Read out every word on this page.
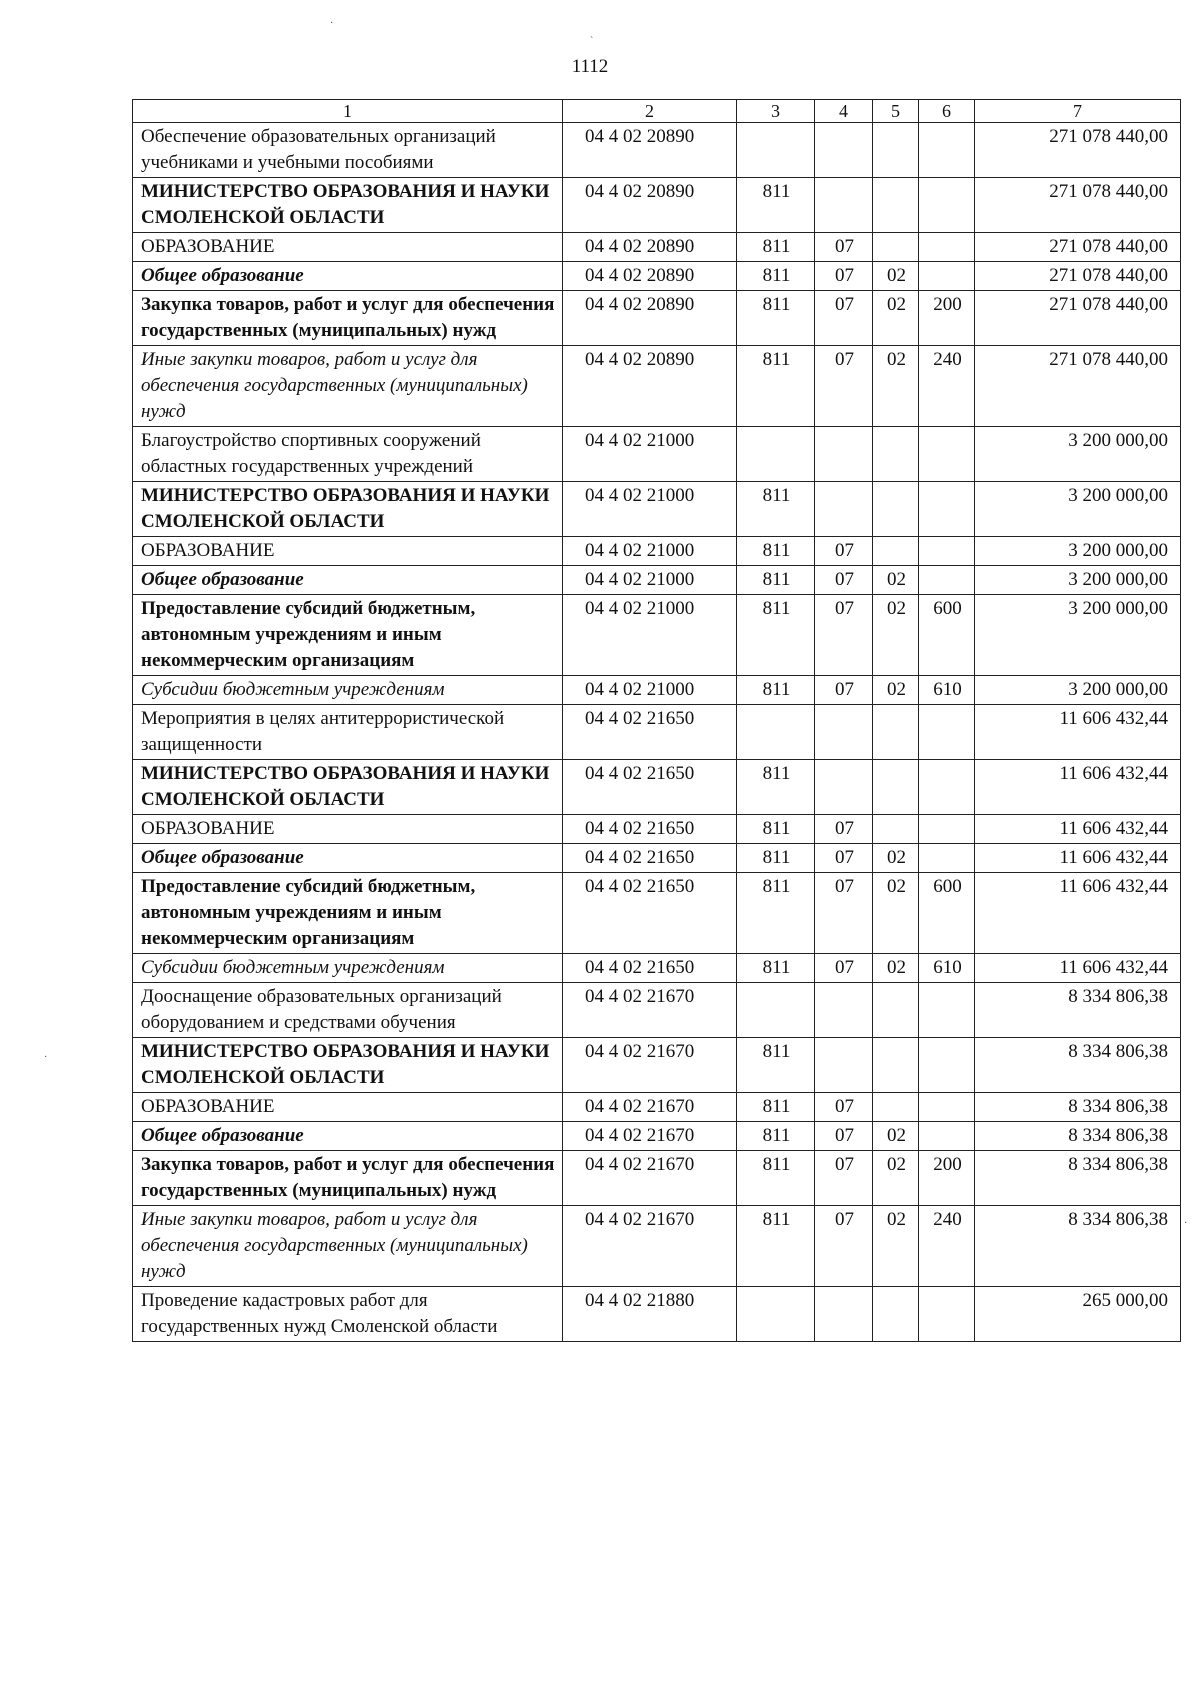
1112
·
`
·
·
1	2	3	4	5	6	7
Обеспечение образовательных организаций учебниками и учебными пособиями	04 4 02 20890					271 078 440,00
МИНИСТЕРСТВО ОБРАЗОВАНИЯ И НАУКИ СМОЛЕНСКОЙ ОБЛАСТИ	04 4 02 20890	811				271 078 440,00
ОБРАЗОВАНИЕ	04 4 02 20890	811	07			271 078 440,00
Общее образование	04 4 02 20890	811	07	02		271 078 440,00
Закупка товаров, работ и услуг для обеспечения государственных (муниципальных) нужд	04 4 02 20890	811	07	02	200	271 078 440,00
Иные закупки товаров, работ и услуг для обеспечения государственных (муниципальных) нужд	04 4 02 20890	811	07	02	240	271 078 440,00
Благоустройство спортивных сооружений областных государственных учреждений	04 4 02 21000					3 200 000,00
МИНИСТЕРСТВО ОБРАЗОВАНИЯ И НАУКИ СМОЛЕНСКОЙ ОБЛАСТИ	04 4 02 21000	811				3 200 000,00
ОБРАЗОВАНИЕ	04 4 02 21000	811	07			3 200 000,00
Общее образование	04 4 02 21000	811	07	02		3 200 000,00
Предоставление субсидий бюджетным, автономным учреждениям и иным некоммерческим организациям	04 4 02 21000	811	07	02	600	3 200 000,00
Субсидии бюджетным учреждениям	04 4 02 21000	811	07	02	610	3 200 000,00
Мероприятия в целях антитеррористической защищенности	04 4 02 21650					11 606 432,44
МИНИСТЕРСТВО ОБРАЗОВАНИЯ И НАУКИ СМОЛЕНСКОЙ ОБЛАСТИ	04 4 02 21650	811				11 606 432,44
ОБРАЗОВАНИЕ	04 4 02 21650	811	07			11 606 432,44
Общее образование	04 4 02 21650	811	07	02		11 606 432,44
Предоставление субсидий бюджетным, автономным учреждениям и иным некоммерческим организациям	04 4 02 21650	811	07	02	600	11 606 432,44
Субсидии бюджетным учреждениям	04 4 02 21650	811	07	02	610	11 606 432,44
Дооснащение образовательных организаций оборудованием и средствами обучения	04 4 02 21670					8 334 806,38
МИНИСТЕРСТВО ОБРАЗОВАНИЯ И НАУКИ СМОЛЕНСКОЙ ОБЛАСТИ	04 4 02 21670	811				8 334 806,38
ОБРАЗОВАНИЕ	04 4 02 21670	811	07			8 334 806,38
Общее образование	04 4 02 21670	811	07	02		8 334 806,38
Закупка товаров, работ и услуг для обеспечения государственных (муниципальных) нужд	04 4 02 21670	811	07	02	200	8 334 806,38
Иные закупки товаров, работ и услуг для обеспечения государственных (муниципальных) нужд	04 4 02 21670	811	07	02	240	8 334 806,38
Проведение кадастровых работ для государственных нужд Смоленской области	04 4 02 21880					265 000,00
